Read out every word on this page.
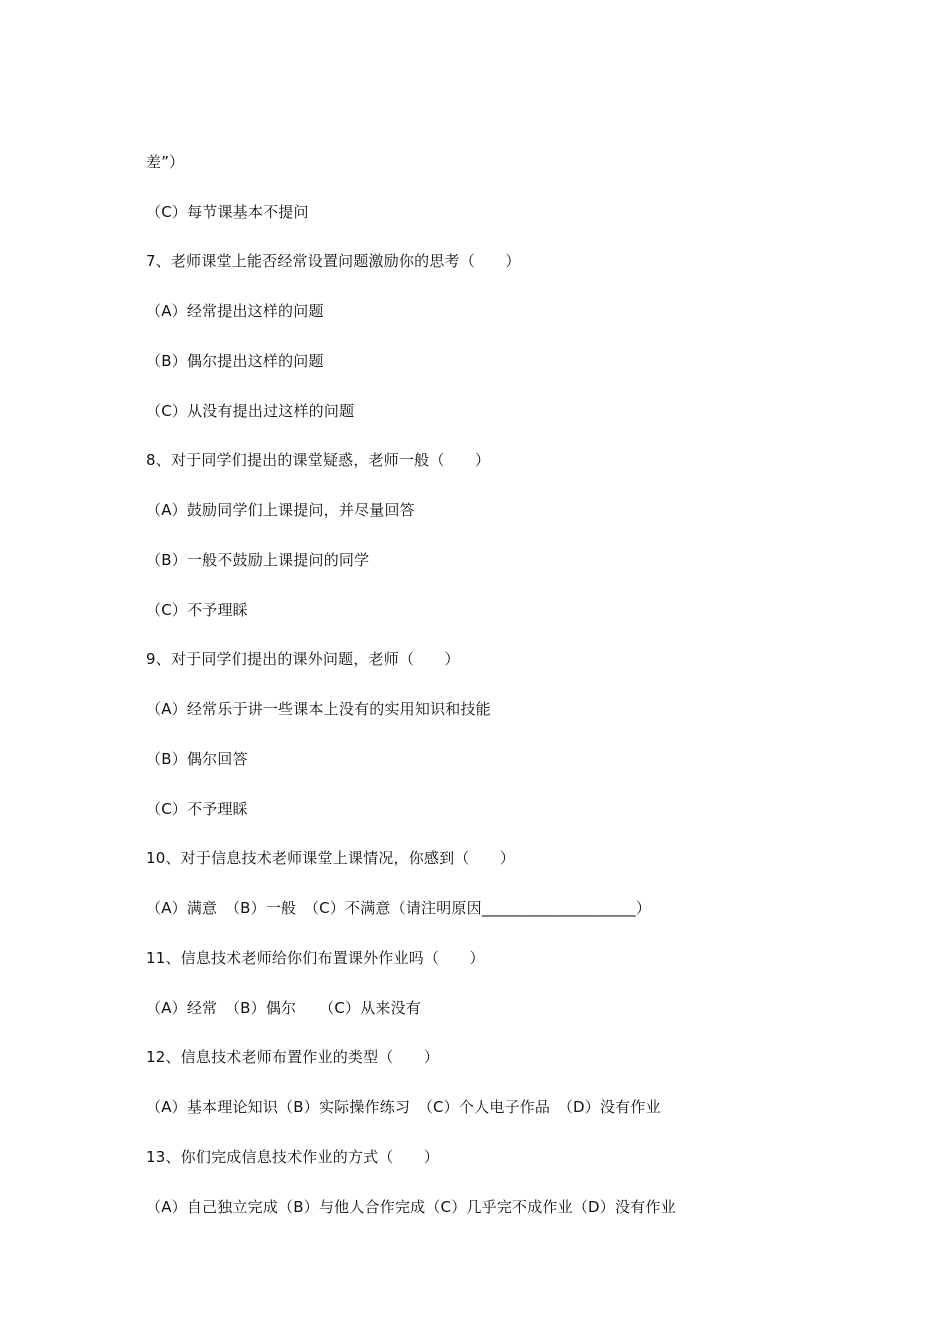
差”）
（C）每节课基本不提问
7、老师课堂上能否经常设置问题激励你的思考（　　）
（A）经常提出这样的问题
（B）偶尔提出这样的问题
（C）从没有提出过这样的问题
8、对于同学们提出的课堂疑惑，老师一般（　　）
（A）鼓励同学们上课提问，并尽量回答
（B）一般不鼓励上课提问的同学
（C）不予理睬
9、对于同学们提出的课外问题，老师（　　）
（A）经常乐于讲一些课本上没有的实用知识和技能
（B）偶尔回答
（C）不予理睬
10、对于信息技术老师课堂上课情况，你感到（　　）
（A）满意　（B）一般　（C）不满意（请注明原因____________________）
11、信息技术老师给你们布置课外作业吗（　　）
（A）经常　（B）偶尔　　（C）从来没有
12、信息技术老师布置作业的类型（　　）
（A）基本理论知识（B）实际操作练习　（C）个人电子作品　（D）没有作业
13、你们完成信息技术作业的方式（　　）
（A）自己独立完成（B）与他人合作完成（C）几乎完不成作业（D）没有作业
